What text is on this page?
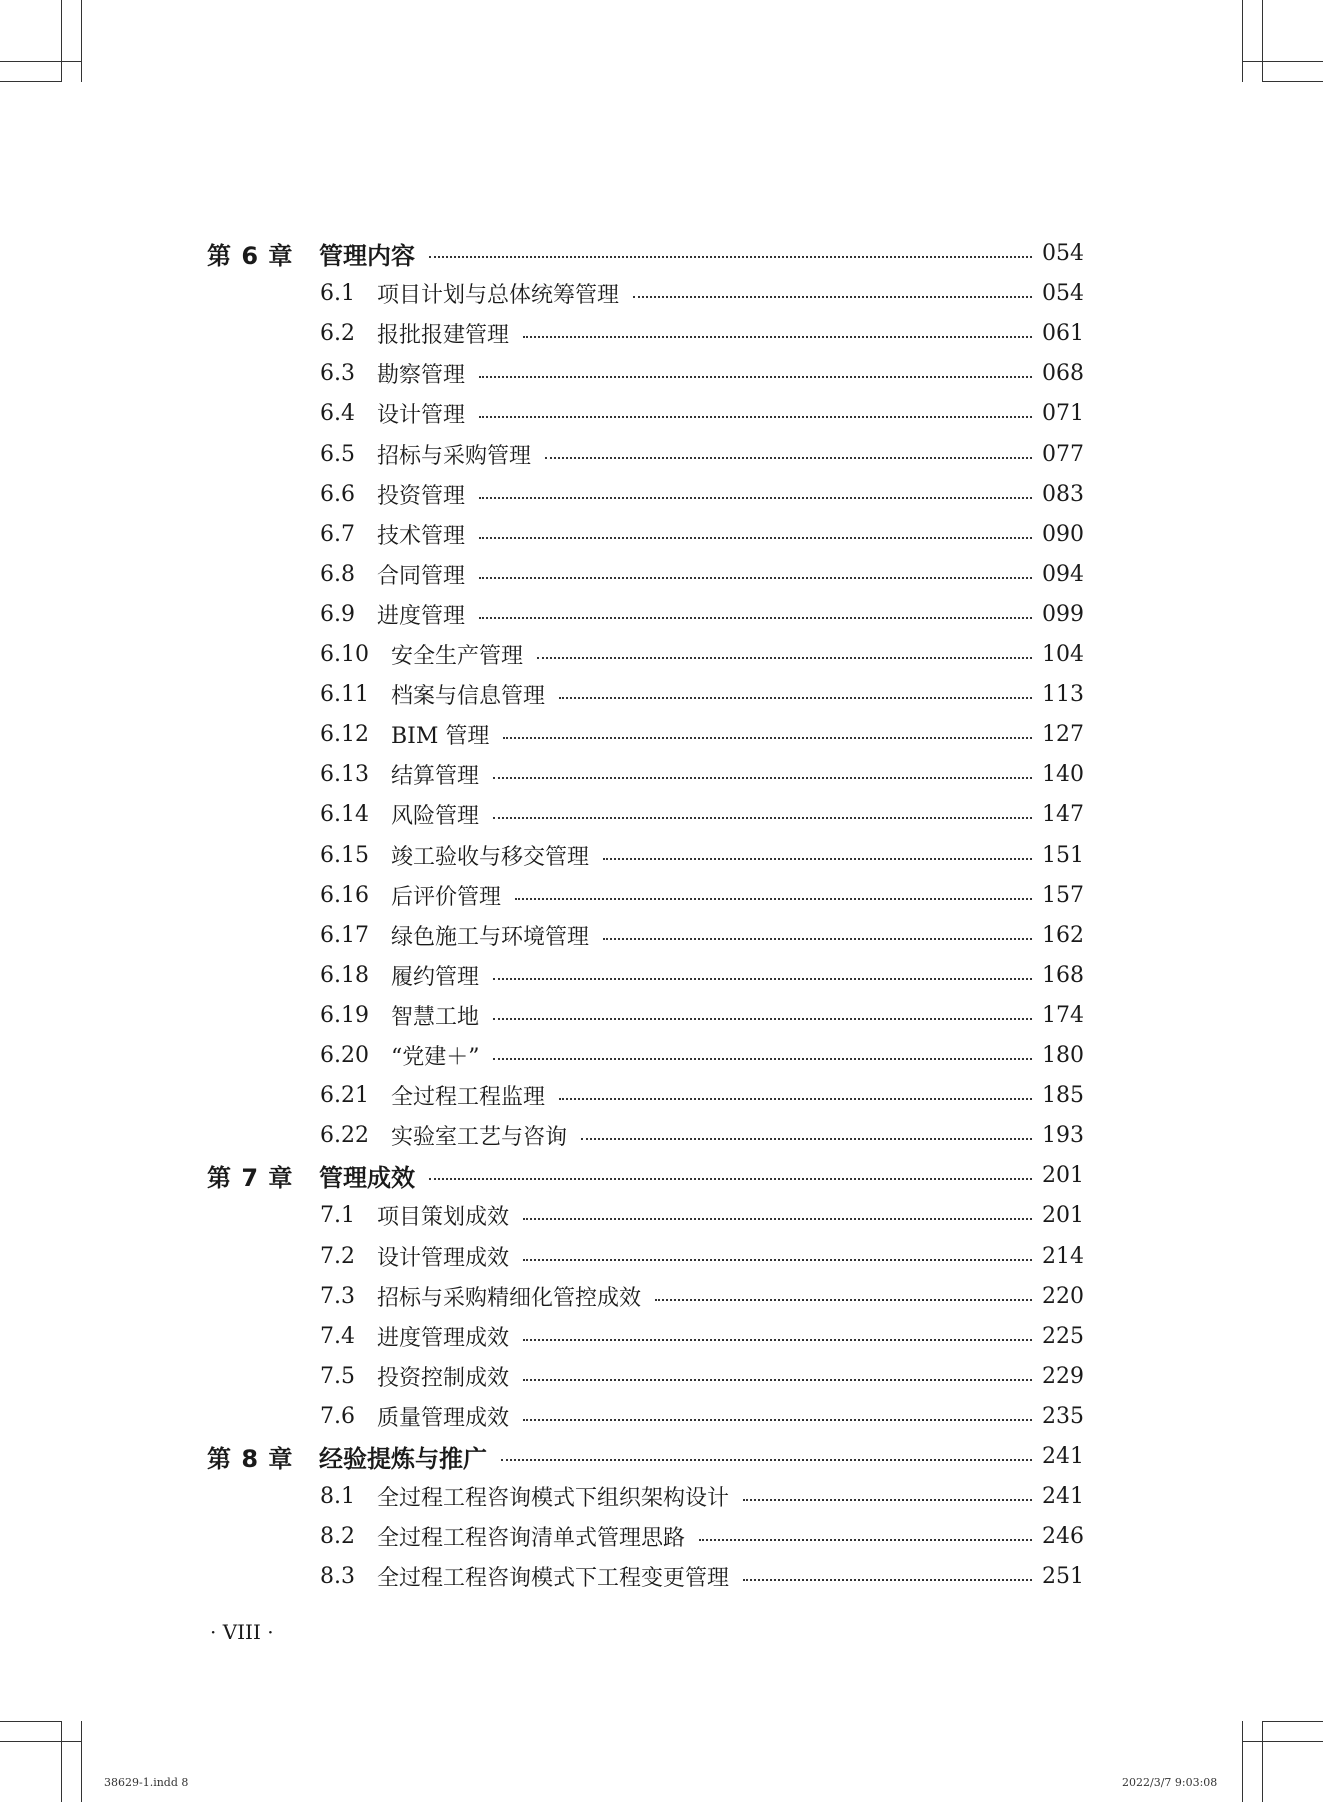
第 6 章	管理内容	054
6.1 项目计划与总体统筹管理	054
6.2 报批报建管理	061
6.3 勘察管理	068
6.4 设计管理	071
6.5 招标与采购管理	077
6.6 投资管理	083
6.7 技术管理	090
6.8 合同管理	094
6.9 进度管理	099
6.10 安全生产管理	104
6.11 档案与信息管理	113
6.12 BIM 管理	127
6.13 结算管理	140
6.14 风险管理	147
6.15 竣工验收与移交管理	151
6.16 后评价管理	157
6.17 绿色施工与环境管理	162
6.18 履约管理	168
6.19 智慧工地	174
6.20 “党建＋”	180
6.21 全过程工程监理	185
6.22 实验室工艺与咨询	193
第 7 章	管理成效	201
7.1 项目策划成效	201
7.2 设计管理成效	214
7.3 招标与采购精细化管控成效	220
7.4 进度管理成效	225
7.5 投资控制成效	229
7.6 质量管理成效	235
第 8 章	经验提炼与推广	241
8.1 全过程工程咨询模式下组织架构设计	241
8.2 全过程工程咨询清单式管理思路	246
8.3 全过程工程咨询模式下工程变更管理	251
· VIII ·
38629-1.indd 8	2022/3/7 9:03:08
